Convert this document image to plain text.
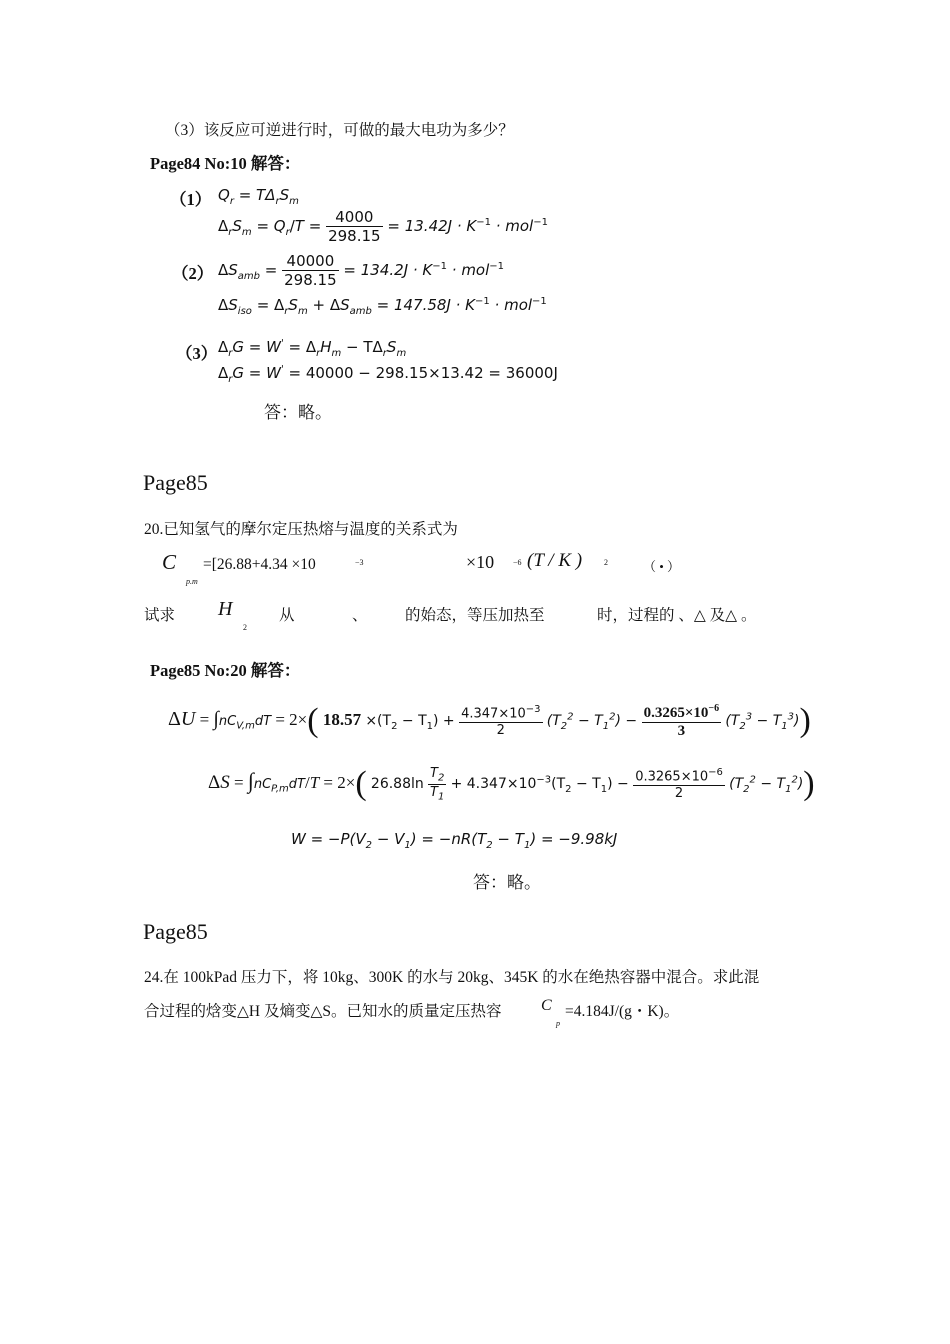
（3）该反应可逆进行时，可做的最大电功为多少？
Page84 No:10 解答：
（1） $Q_r = T\Delta_rS_m$
$\Delta_rS_m = Q_r/T = \frac{4000}{298.15} = 13.42J \cdot K^{-1} \cdot mol^{-1}$
（2） $\Delta S_{amb} = \frac{40000}{298.15} = 134.2J \cdot K^{-1} \cdot mol^{-1}$
$\Delta S_{iso} = \Delta_rS_m + \Delta S_{amb} = 147.58J \cdot K^{-1} \cdot mol^{-1}$
（3） $\Delta_rG = W' = \Delta_rH_m - T\Delta_rS_m$
$\Delta_rG = W' = 40000 - 298.15\times 13.42 = 36000J$
答：略。
Page85
20.已知氢气的摩尔定压热熔与温度的关系式为
C
p.m
=[26.88+4.34 ×10	−3	×10 −6 (T / K )	2	（ • ）
试求 H
2
从	、 的始态，等压加热至	时，过程的 、△ 及△ 。
Page85 No:20 解答：
$\Delta U = \int nC_{V,m}dT = 2\times$( $18.57 \times(T_2 - T_1) + \frac{4.347\times 10^{-3}}{2} (T_2^2 - T_1^2) - \frac{0.3265\times 10^{-6}}{3} (T_2^3 - T_1^3)$)
$\Delta S = \int nC_{P,m}dT/T = 2\times$( $26.88\ln \frac{T_2}{T_1} + 4.347\times 10^{-3}(T_2 - T_1) - \frac{0.3265\times 10^{-6}}{2} (T_2^2 - T_1^2)$)
$W = -P(V_2 - V_1) = -nR(T_2 - T_1) = -9.98kJ$
答：略。
Page85
24.在 100kPad 压力下，将 10kg、300K 的水与 20kg、345K 的水在绝热容器中混合。求此混
合过程的焓变△H 及熵变△S。已知水的质量定压热容 C
p
=4.184J/(g・K)。
